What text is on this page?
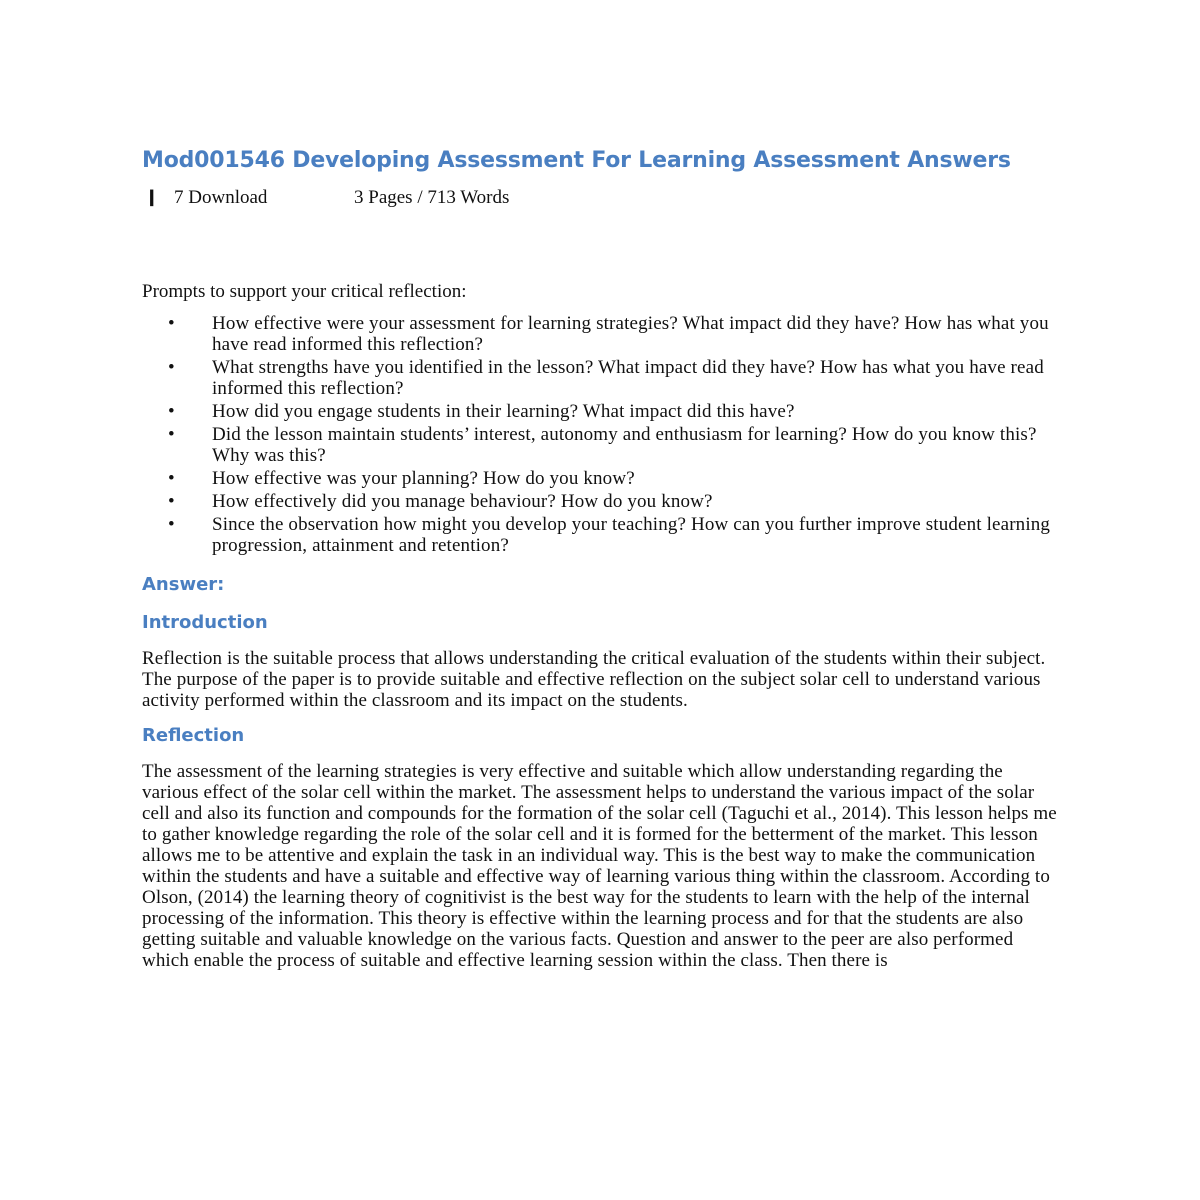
Mod001546 Developing Assessment For Learning Assessment Answers
❙ 7 Download	3 Pages / 713 Words

Prompts to support your critical reflection:

• How effective were your assessment for learning strategies? What impact did they have? How has what you have read informed this reflection?
• What strengths have you identified in the lesson? What impact did they have? How has what you have read informed this reflection?
• How did you engage students in their learning? What impact did this have?
• Did the lesson maintain students’ interest, autonomy and enthusiasm for learning? How do you know this? Why was this?
• How effective was your planning? How do you know?
• How effectively did you manage behaviour? How do you know?
• Since the observation how might you develop your teaching? How can you further improve student learning progression, attainment and retention?
Answer:
Introduction

Reflection is the suitable process that allows understanding the critical evaluation of the students within their subject. The purpose of the paper is to provide suitable and effective reflection on the subject solar cell to understand various activity performed within the classroom and its impact on the students.

Reflection

The assessment of the learning strategies is very effective and suitable which allow understanding regarding the various effect of the solar cell within the market. The assessment helps to understand the various impact of the solar cell and also its function and compounds for the formation of the solar cell (Taguchi et al., 2014). This lesson helps me to gather knowledge regarding the role of the solar cell and it is formed for the betterment of the market. This lesson allows me to be attentive and explain the task in an individual way. This is the best way to make the communication within the students and have a suitable and effective way of learning various thing within the classroom. According to Olson, (2014) the learning theory of cognitivist is the best way for the students to learn with the help of the internal processing of the information. This theory is effective within the learning process and for that the students are also getting suitable and valuable knowledge on the various facts. Question and answer to the peer are also performed which enable the process of suitable and effective learning session within the class. Then there is
